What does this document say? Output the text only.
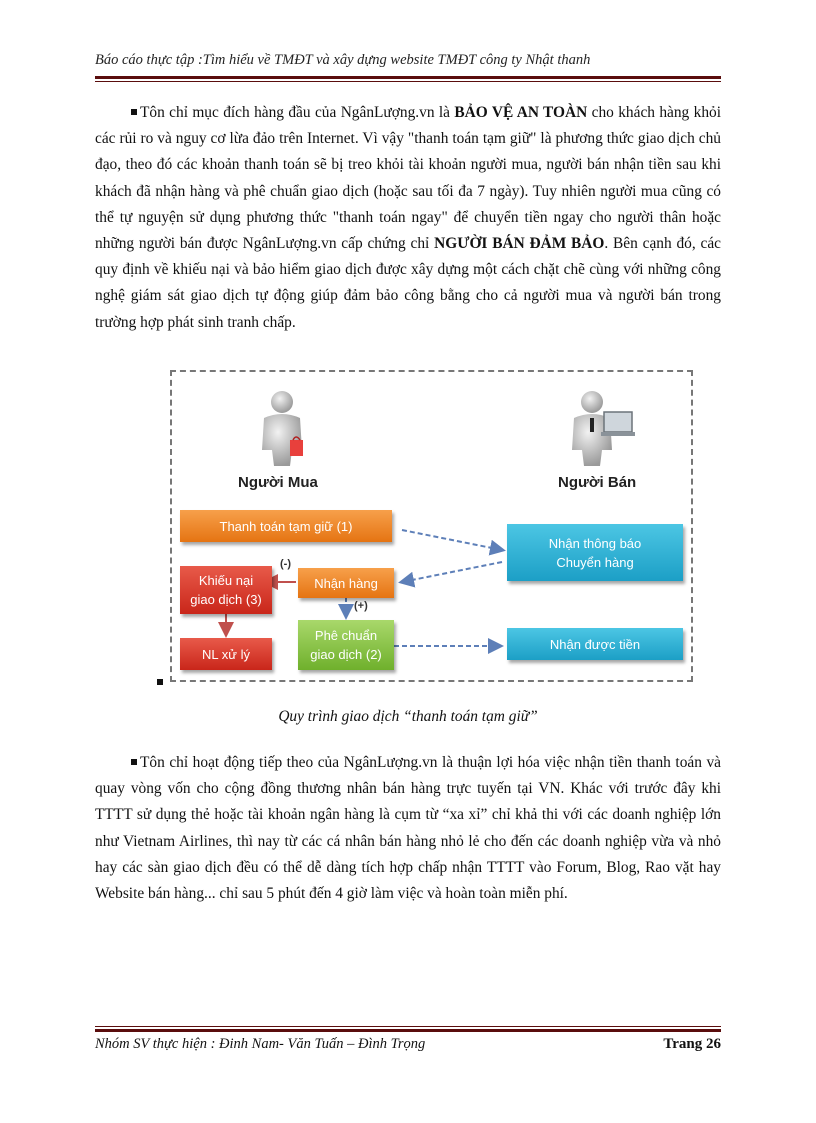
Báo cáo thực tập :Tìm hiểu về TMĐT và xây dựng website TMĐT công ty Nhật thanh

Tôn chỉ mục đích hàng đầu của NgânLượng.vn là BẢO VỆ AN TOÀN cho khách hàng khỏi các rủi ro và nguy cơ lừa đảo trên Internet. Vì vậy "thanh toán tạm giữ" là phương thức giao dịch chủ đạo, theo đó các khoản thanh toán sẽ bị treo khỏi tài khoản người mua, người bán nhận tiền sau khi khách đã nhận hàng và phê chuẩn giao dịch (hoặc sau tối đa 7 ngày). Tuy nhiên người mua cũng có thể tự nguyện sử dụng phương thức "thanh toán ngay" để chuyển tiền ngay cho người thân hoặc những người bán được NgânLượng.vn cấp chứng chỉ NGƯỜI BÁN ĐẢM BẢO. Bên cạnh đó, các quy định về khiếu nại và bảo hiểm giao dịch được xây dựng một cách chặt chẽ cùng với những công nghệ giám sát giao dịch tự động giúp đảm bảo công bằng cho cả người mua và người bán trong trường hợp phát sinh tranh chấp.

Người Mua	Người Bán
Thanh toán tạm giữ (1)
Nhận thông báo
Chuyển hàng
Nhận hàng
Khiếu nại
giao dịch (3)
Phê chuẩn
giao dịch (2)
NL xử lý
Nhận được tiền
(-)
(+)
Quy trình giao dịch “thanh toán tạm giữ”

Tôn chỉ hoạt động tiếp theo của NgânLượng.vn là thuận lợi hóa việc nhận tiền thanh toán và quay vòng vốn cho cộng đồng thương nhân bán hàng trực tuyến tại VN. Khác với trước đây khi TTTT sử dụng thẻ hoặc tài khoản ngân hàng là cụm từ “xa xỉ” chỉ khả thi với các doanh nghiệp lớn như Vietnam Airlines, thì nay từ các cá nhân bán hàng nhỏ lẻ cho đến các doanh nghiệp vừa và nhỏ hay các sàn giao dịch đều có thể dễ dàng tích hợp chấp nhận TTTT vào Forum, Blog, Rao vặt hay Website bán hàng... chỉ sau 5 phút đến 4 giờ làm việc và hoàn toàn miễn phí.

Nhóm SV thực hiện : Đinh Nam- Văn Tuấn – Đình Trọng	Trang 26
